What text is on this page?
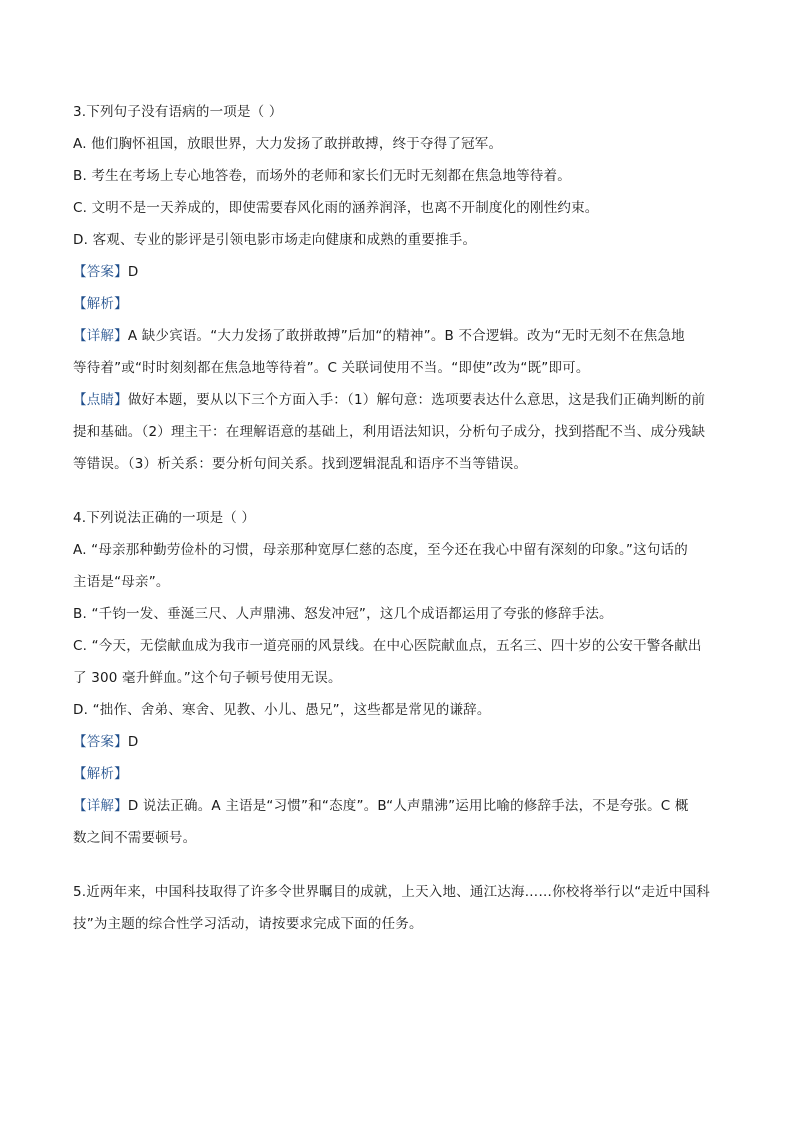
3.下列句子没有语病的一项是（ ）
A. 他们胸怀祖国，放眼世界，大力发扬了敢拼敢搏，终于夺得了冠军。
B. 考生在考场上专心地答卷，而场外的老师和家长们无时无刻都在焦急地等待着。
C. 文明不是一天养成的，即使需要春风化雨的涵养润泽，也离不开制度化的刚性约束。
D. 客观、专业的影评是引领电影市场走向健康和成熟的重要推手。
【答案】D
【解析】
【详解】A 缺少宾语。“大力发扬了敢拼敢搏”后加“的精神”。B 不合逻辑。改为“无时无刻不在焦急地
等待着”或“时时刻刻都在焦急地等待着”。C 关联词使用不当。“即使”改为“既”即可。
【点睛】做好本题，要从以下三个方面入手：（1）解句意：选项要表达什么意思，这是我们正确判断的前
提和基础。（2）理主干：在理解语意的基础上，利用语法知识，分析句子成分，找到搭配不当、成分残缺
等错误。（3）析关系：要分析句间关系。找到逻辑混乱和语序不当等错误。
4.下列说法正确的一项是（ ）
A. “母亲那种勤劳俭朴的习惯，母亲那种宽厚仁慈的态度，至今还在我心中留有深刻的印象。”这句话的
主语是“母亲”。
B. “千钧一发、垂涎三尺、人声鼎沸、怒发冲冠”，这几个成语都运用了夸张的修辞手法。
C. “今天，无偿献血成为我市一道亮丽的风景线。在中心医院献血点，五名三、四十岁的公安干警各献出
了 300 毫升鲜血。”这个句子顿号使用无误。
D. “拙作、舍弟、寒舍、见教、小儿、愚兄”，这些都是常见的谦辞。
【答案】D
【解析】
【详解】D 说法正确。A 主语是“习惯”和“态度”。B“人声鼎沸”运用比喻的修辞手法，不是夸张。C 概
数之间不需要顿号。
5.近两年来，中国科技取得了许多令世界瞩目的成就，上天入地、通江达海……你校将举行以“走近中国科
技”为主题的综合性学习活动，请按要求完成下面的任务。
